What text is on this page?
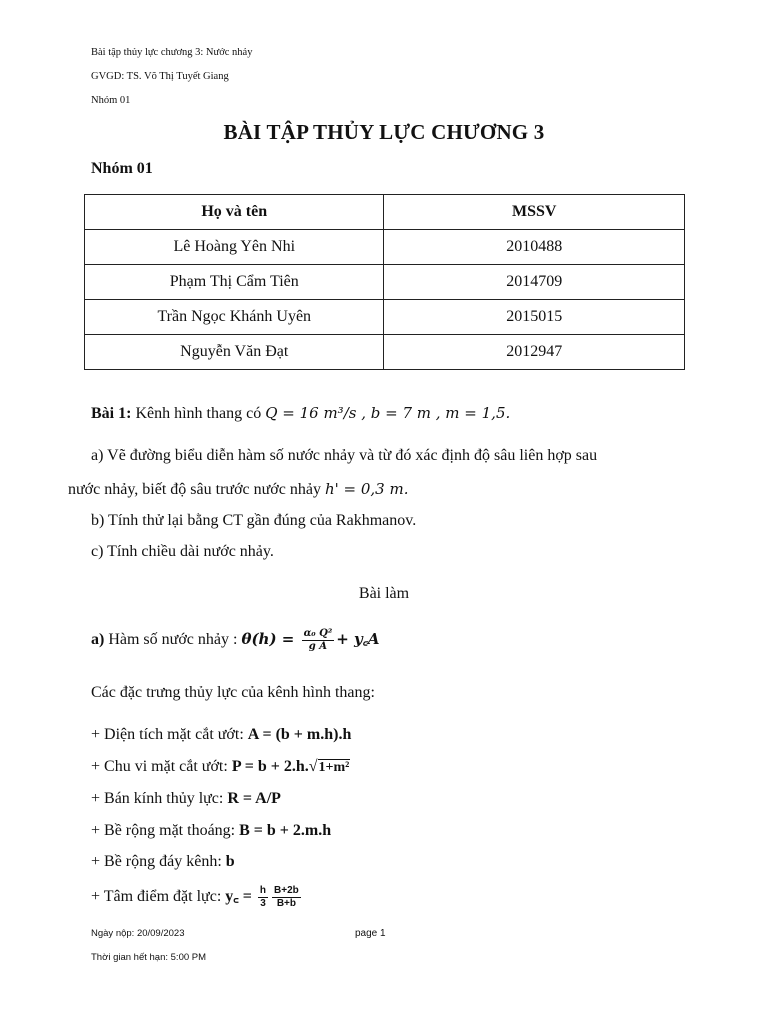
Bài tập thủy lực chương 3: Nước nhảy
GVGD: TS. Võ Thị Tuyết Giang
Nhóm 01
BÀI TẬP THỦY LỰC CHƯƠNG 3
Nhóm 01
Họ và tên	MSSV
Lê Hoàng Yên Nhi	2010488
Phạm Thị Cẩm Tiên	2014709
Trần Ngọc Khánh Uyên	2015015
Nguyễn Văn Đạt	2012947
Bài 1: Kênh hình thang có Q = 16 m³/s , b = 7 m , m = 1,5.
a) Vẽ đường biểu diễn hàm số nước nhảy và từ đó xác định độ sâu liên hợp sau
nước nhảy, biết độ sâu trước nước nhảy h' = 0,3 m.
b) Tính thử lại bằng CT gần đúng của Rakhmanov.
c) Tính chiều dài nước nhảy.
Bài làm
a) Hàm số nước nhảy : $\theta(h) = \frac{\text{α₀ Q²}}{\text{g A}}$ + y꜀A
Các đặc trưng thủy lực của kênh hình thang:
+ Diện tích mặt cắt ướt: A = (b + m.h).h
+ Chu vi mặt cắt ướt: P = b + 2.h.√1+m²
+ Bán kính thủy lực: R = A/P
+ Bề rộng mặt thoáng: B = b + 2.m.h
+ Bề rộng đáy kênh: b
+ Tâm điểm đặt lực: y꜀ = $\frac{h}{3} \frac{B+2b}{B+b}$
Ngày nộp: 20/09/2023	page 1
Thời gian hết hạn: 5:00 PM
